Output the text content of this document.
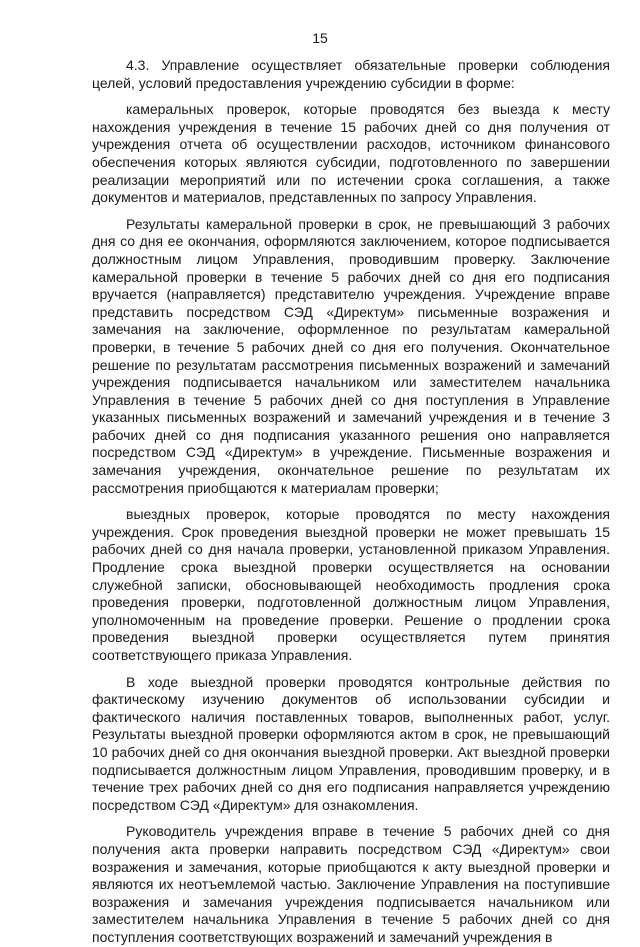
15

4.3. Управление осуществляет обязательные проверки соблюдения целей, условий предоставления учреждению субсидии в форме:

камеральных проверок, которые проводятся без выезда к месту нахождения учреждения в течение 15 рабочих дней со дня получения от учреждения отчета об осуществлении расходов, источником финансового обеспечения которых являются субсидии, подготовленного по завершении реализации мероприятий или по истечении срока соглашения, а также документов и материалов, представленных по запросу Управления.

Результаты камеральной проверки в срок, не превышающий 3 рабочих дня со дня ее окончания, оформляются заключением, которое подписывается должностным лицом Управления, проводившим проверку. Заключение камеральной проверки в течение 5 рабочих дней со дня его подписания вручается (направляется) представителю учреждения. Учреждение вправе представить посредством СЭД «Директум» письменные возражения и замечания на заключение, оформленное по результатам камеральной проверки, в течение 5 рабочих дней со дня его получения. Окончательное решение по результатам рассмотрения письменных возражений и замечаний учреждения подписывается начальником или заместителем начальника Управления в течение 5 рабочих дней со дня поступления в Управление указанных письменных возражений и замечаний учреждения и в течение 3 рабочих дней со дня подписания указанного решения оно направляется посредством СЭД «Директум» в учреждение. Письменные возражения и замечания учреждения, окончательное решение по результатам их рассмотрения приобщаются к материалам проверки;

выездных проверок, которые проводятся по месту нахождения учреждения. Срок проведения выездной проверки не может превышать 15 рабочих дней со дня начала проверки, установленной приказом Управления. Продление срока выездной проверки осуществляется на основании служебной записки, обосновывающей необходимость продления срока проведения проверки, подготовленной должностным лицом Управления, уполномоченным на проведение проверки. Решение о продлении срока проведения выездной проверки осуществляется путем принятия соответствующего приказа Управления.

В ходе выездной проверки проводятся контрольные действия по фактическому изучению документов об использовании субсидии и фактического наличия поставленных товаров, выполненных работ, услуг. Результаты выездной проверки оформляются актом в срок, не превышающий 10 рабочих дней со дня окончания выездной проверки. Акт выездной проверки подписывается должностным лицом Управления, проводившим проверку, и в течение трех рабочих дней со дня его подписания направляется учреждению посредством СЭД «Директум» для ознакомления.

Руководитель учреждения вправе в течение 5 рабочих дней со дня получения акта проверки направить посредством СЭД «Директум» свои возражения и замечания, которые приобщаются к акту выездной проверки и являются их неотъемлемой частью. Заключение Управления на поступившие возражения и замечания учреждения подписывается начальником или заместителем начальника Управления в течение 5 рабочих дней со дня поступления соответствующих возражений и замечаний учреждения в
